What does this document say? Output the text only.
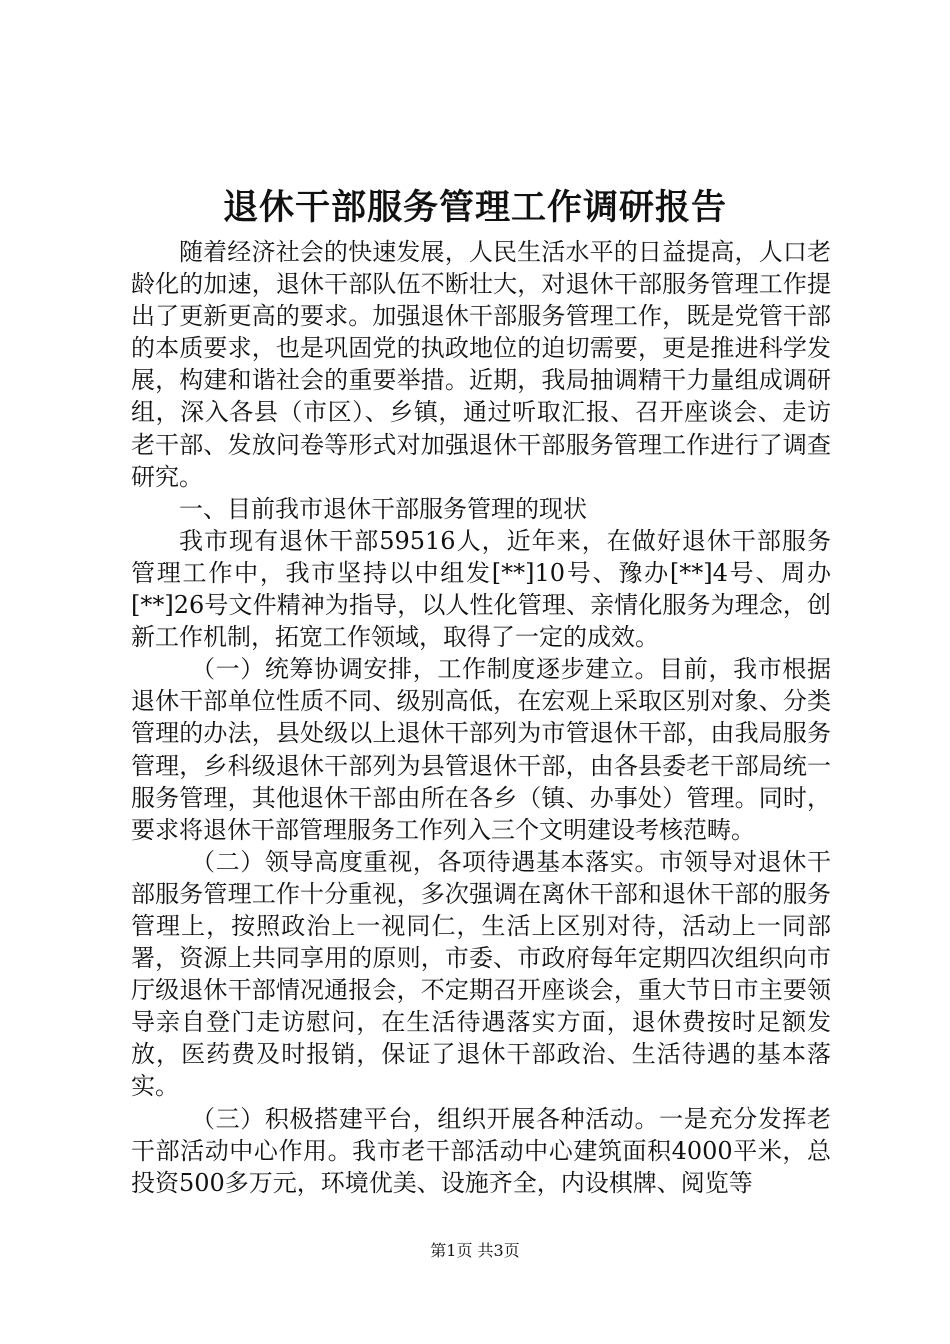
退休干部服务管理工作调研报告

随着经济社会的快速发展，人民生活水平的日益提高，人口老龄化的加速，退休干部队伍不断壮大，对退休干部服务管理工作提出了更新更高的要求。加强退休干部服务管理工作，既是党管干部的本质要求，也是巩固党的执政地位的迫切需要，更是推进科学发展，构建和谐社会的重要举措。近期，我局抽调精干力量组成调研组，深入各县（市区）、乡镇，通过听取汇报、召开座谈会、走访老干部、发放问卷等形式对加强退休干部服务管理工作进行了调查研究。

一、目前我市退休干部服务管理的现状

我市现有退休干部59516人，近年来，在做好退休干部服务管理工作中，我市坚持以中组发[**]10号、豫办[**]4号、周办[**]26号文件精神为指导，以人性化管理、亲情化服务为理念，创新工作机制，拓宽工作领域，取得了一定的成效。

（一）统筹协调安排，工作制度逐步建立。目前，我市根据退休干部单位性质不同、级别高低，在宏观上采取区别对象、分类管理的办法，县处级以上退休干部列为市管退休干部，由我局服务管理，乡科级退休干部列为县管退休干部，由各县委老干部局统一服务管理，其他退休干部由所在各乡（镇、办事处）管理。同时，要求将退休干部管理服务工作列入三个文明建设考核范畴。

（二）领导高度重视，各项待遇基本落实。市领导对退休干部服务管理工作十分重视，多次强调在离休干部和退休干部的服务管理上，按照政治上一视同仁，生活上区别对待，活动上一同部署，资源上共同享用的原则，市委、市政府每年定期四次组织向市厅级退休干部情况通报会，不定期召开座谈会，重大节日市主要领导亲自登门走访慰问，在生活待遇落实方面，退休费按时足额发放，医药费及时报销，保证了退休干部政治、生活待遇的基本落实。

（三）积极搭建平台，组织开展各种活动。一是充分发挥老干部活动中心作用。我市老干部活动中心建筑面积4000平米，总投资500多万元，环境优美、设施齐全，内设棋牌、阅览等

第1页 共3页
